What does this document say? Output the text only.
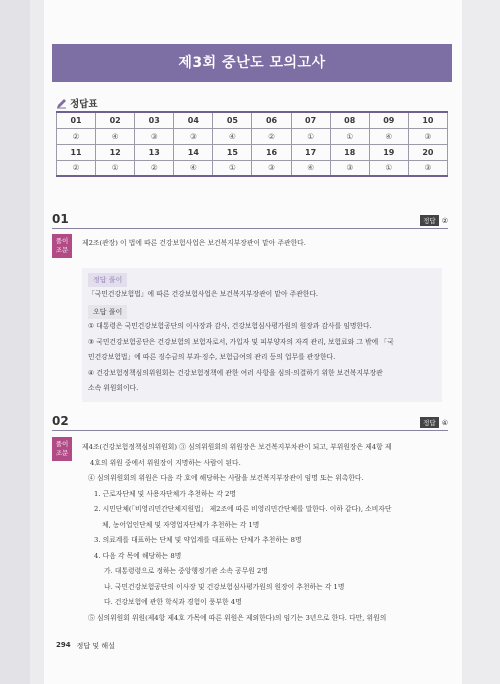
제3회 중난도 모의고사
정답표
01	02	03	04	05	06	07	08	09	10
②	④	③	③	④	②	①	①	④	③
11	12	13	14	15	16	17	18	19	20
②	①	②	④	①	③	④	③	①	③
01	정답 ②
풀이
조문
제2조(관장) 이 법에 따른 건강보험사업은 보건복지부장관이 맡아 주관한다.
정답 풀이
「국민건강보험법」에 따른 건강보험사업은 보건복지부장관이 맡아 주관한다.
오답 풀이
① 대통령은 국민건강보험공단의 이사장과 감사, 건강보험심사평가원의 원장과 감사를 임명한다.
③ 국민건강보험공단은 건강보험의 보험자로서, 가입자 및 피부양자의 자격 관리, 보험료와 그 밖에 「국
민건강보험법」에 따른 징수금의 부과·징수, 보험급여의 관리 등의 업무를 관장한다.
④ 건강보험정책심의위원회는 건강보험정책에 관한 여러 사항을 심의·의결하기 위한 보건복지부장관
소속 위원회이다.
02	정답 ④
풀이
조문
제4조(건강보험정책심의위원회) ③ 심의위원회의 위원장은 보건복지부차관이 되고, 부위원장은 제4항 제
4호의 위원 중에서 위원장이 지명하는 사람이 된다.
④ 심의위원회의 위원은 다음 각 호에 해당하는 사람을 보건복지부장관이 임명 또는 위촉한다.
1. 근로자단체 및 사용자단체가 추천하는 각 2명
2. 시민단체(「비영리민간단체지원법」 제2조에 따른 비영리민간단체를 말한다. 이하 같다), 소비자단
체, 농어업인단체 및 자영업자단체가 추천하는 각 1명
3. 의료계를 대표하는 단체 및 약업계를 대표하는 단체가 추천하는 8명
4. 다음 각 목에 해당하는 8명
가. 대통령령으로 정하는 중앙행정기관 소속 공무원 2명
나. 국민건강보험공단의 이사장 및 건강보험심사평가원의 원장이 추천하는 각 1명
다. 건강보험에 관한 학식과 경험이 풍부한 4명
⑤ 심의위원회 위원(제4항 제4호 가목에 따른 위원은 제외한다)의 임기는 3년으로 한다. 다만, 위원의
294 정답 및 해설
